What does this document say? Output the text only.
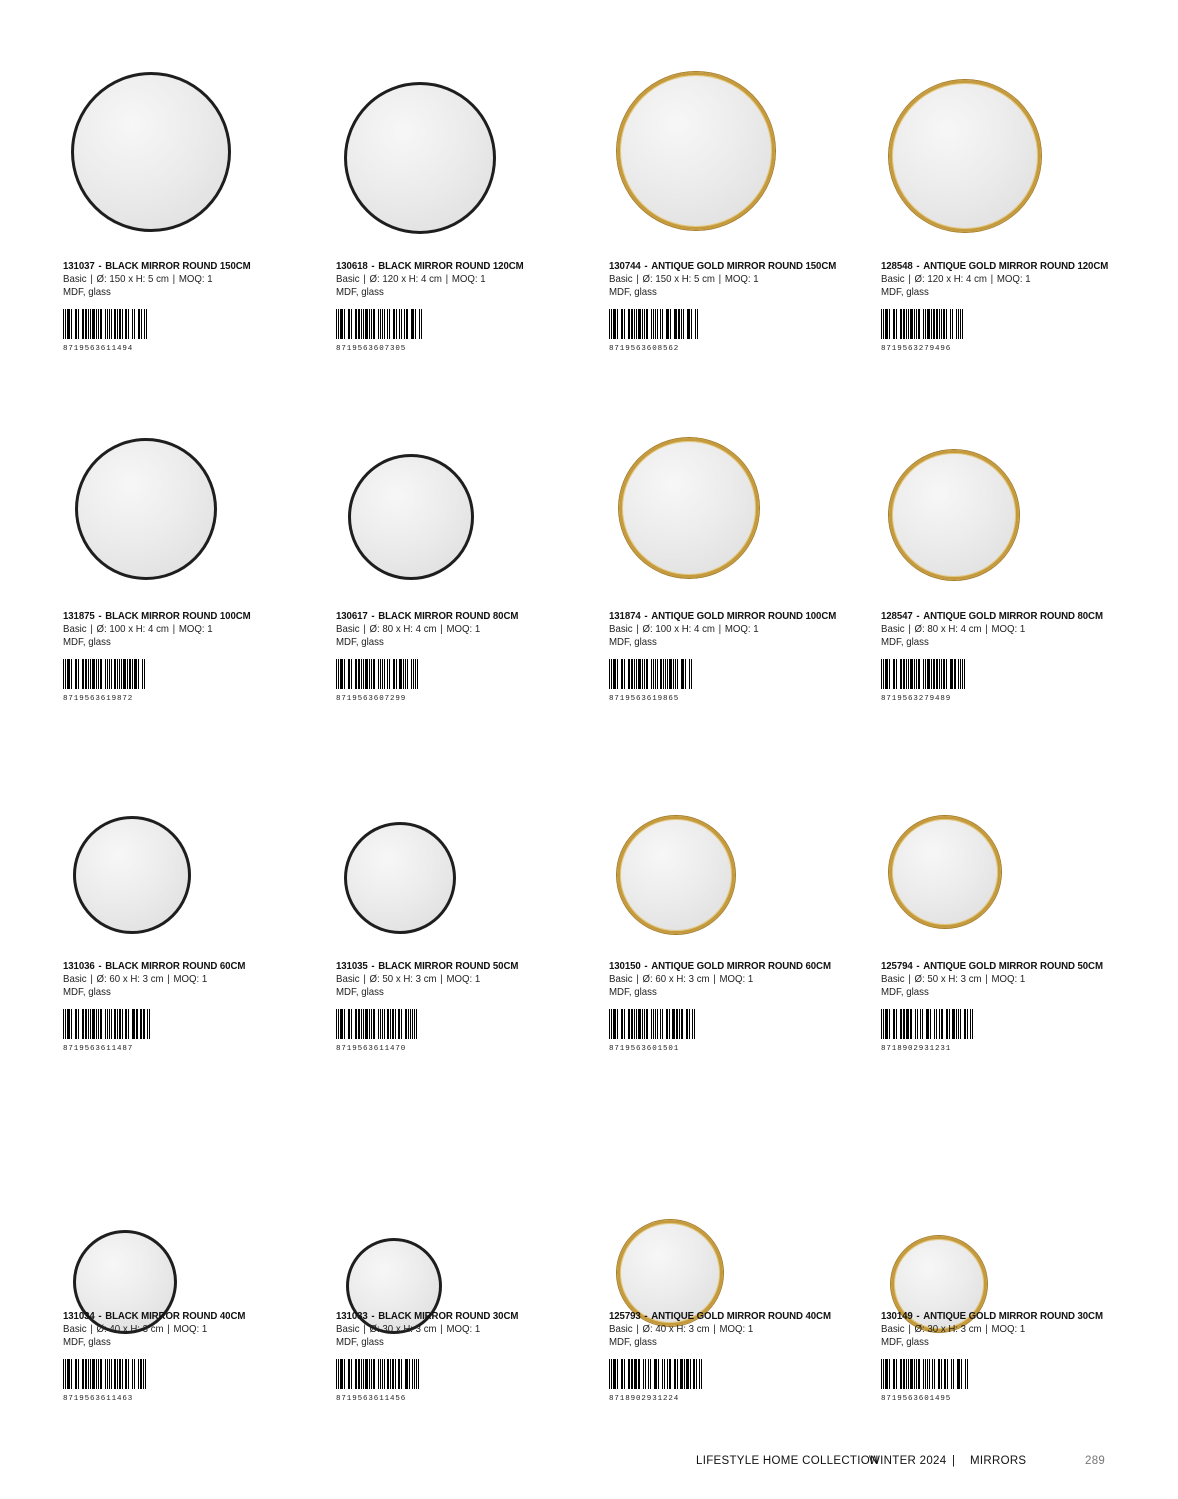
131037 - BLACK MIRROR ROUND 150CM
Basic | Ø: 150 x H: 5 cm | MOQ: 1
MDF, glass
8719563611494
130618 - BLACK MIRROR ROUND 120CM
Basic | Ø: 120 x H: 4 cm | MOQ: 1
MDF, glass
8719563607305
130744 - ANTIQUE GOLD MIRROR ROUND 150CM
Basic | Ø: 150 x H: 5 cm | MOQ: 1
MDF, glass
8719563608562
128548 - ANTIQUE GOLD MIRROR ROUND 120CM
Basic | Ø: 120 x H: 4 cm | MOQ: 1
MDF, glass
8719563279496
131875 - BLACK MIRROR ROUND 100CM
Basic | Ø: 100 x H: 4 cm | MOQ: 1
MDF, glass
8719563619872
130617 - BLACK MIRROR ROUND 80CM
Basic | Ø: 80 x H: 4 cm | MOQ: 1
MDF, glass
8719563607299
131874 - ANTIQUE GOLD MIRROR ROUND 100CM
Basic | Ø: 100 x H: 4 cm | MOQ: 1
MDF, glass
8719563619865
128547 - ANTIQUE GOLD MIRROR ROUND 80CM
Basic | Ø: 80 x H: 4 cm | MOQ: 1
MDF, glass
8719563279489
131036 - BLACK MIRROR ROUND 60CM
Basic | Ø: 60 x H: 3 cm | MOQ: 1
MDF, glass
8719563611487
131035 - BLACK MIRROR ROUND 50CM
Basic | Ø: 50 x H: 3 cm | MOQ: 1
MDF, glass
8719563611470
130150 - ANTIQUE GOLD MIRROR ROUND 60CM
Basic | Ø: 60 x H: 3 cm | MOQ: 1
MDF, glass
8719563601501
125794 - ANTIQUE GOLD MIRROR ROUND 50CM
Basic | Ø: 50 x H: 3 cm | MOQ: 1
MDF, glass
8718902931231
131034 - BLACK MIRROR ROUND 40CM
Basic | Ø: 40 x H: 3 cm | MOQ: 1
MDF, glass
8719563611463
131033 - BLACK MIRROR ROUND 30CM
Basic | Ø: 30 x H: 3 cm | MOQ: 1
MDF, glass
8719563611456
125793 - ANTIQUE GOLD MIRROR ROUND 40CM
Basic | Ø: 40 x H: 3 cm | MOQ: 1
MDF, glass
8718902931224
130149 - ANTIQUE GOLD MIRROR ROUND 30CM
Basic | Ø: 30 x H: 3 cm | MOQ: 1
MDF, glass
8719563601495
LIFESTYLE HOME COLLECTION
WINTER 2024 | MIRRORS	289
